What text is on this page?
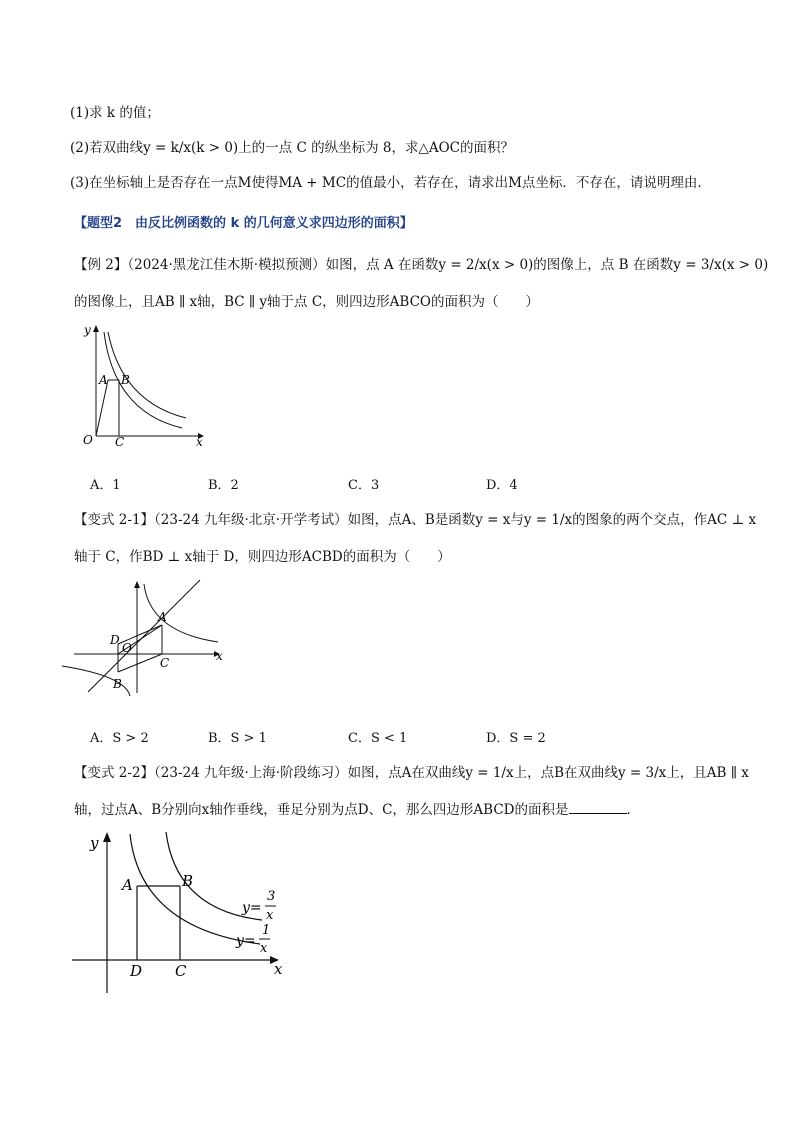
(1)求 k 的值；
(2)若双曲线y = k/x(k > 0)上的一点 C 的纵坐标为 8，求△AOC的面积？
(3)在坐标轴上是否存在一点M使得MA + MC的值最小，若存在，请求出M点坐标．不存在，请说明理由．
【题型2　由反比例函数的 k 的几何意义求四边形的面积】
【例 2】（2024·黑龙江佳木斯·模拟预测）如图，点 A 在函数y = 2/x(x > 0)的图像上，点 B 在函数y = 3/x(x > 0)
的图像上，且AB ∥ x轴，BC ∥ y轴于点 C，则四边形ABCO的面积为（　　）
y
x
O
A B
C
A．1	B．2	C．3	D．4
【变式 2-1】（23-24 九年级·北京·开学考试）如图，点A、B是函数y = x与y = 1/x的图象的两个交点，作AC ⊥ x
轴于 C，作BD ⊥ x轴于 D，则四边形ACBD的面积为（　　）
x
O
A
B
C
D
A．S > 2	B．S > 1	C．S < 1	D．S = 2
【变式 2-2】（23-24 九年级·上海·阶段练习）如图，点A在双曲线y = 1/x上，点B在双曲线y = 3/x上，且AB ∥ x
轴，过点A、B分别向x轴作垂线，垂足分别为点D、C，那么四边形ABCD的面积是	．
y
x
A	B
C
D
y=
3
x
y=
1
x
